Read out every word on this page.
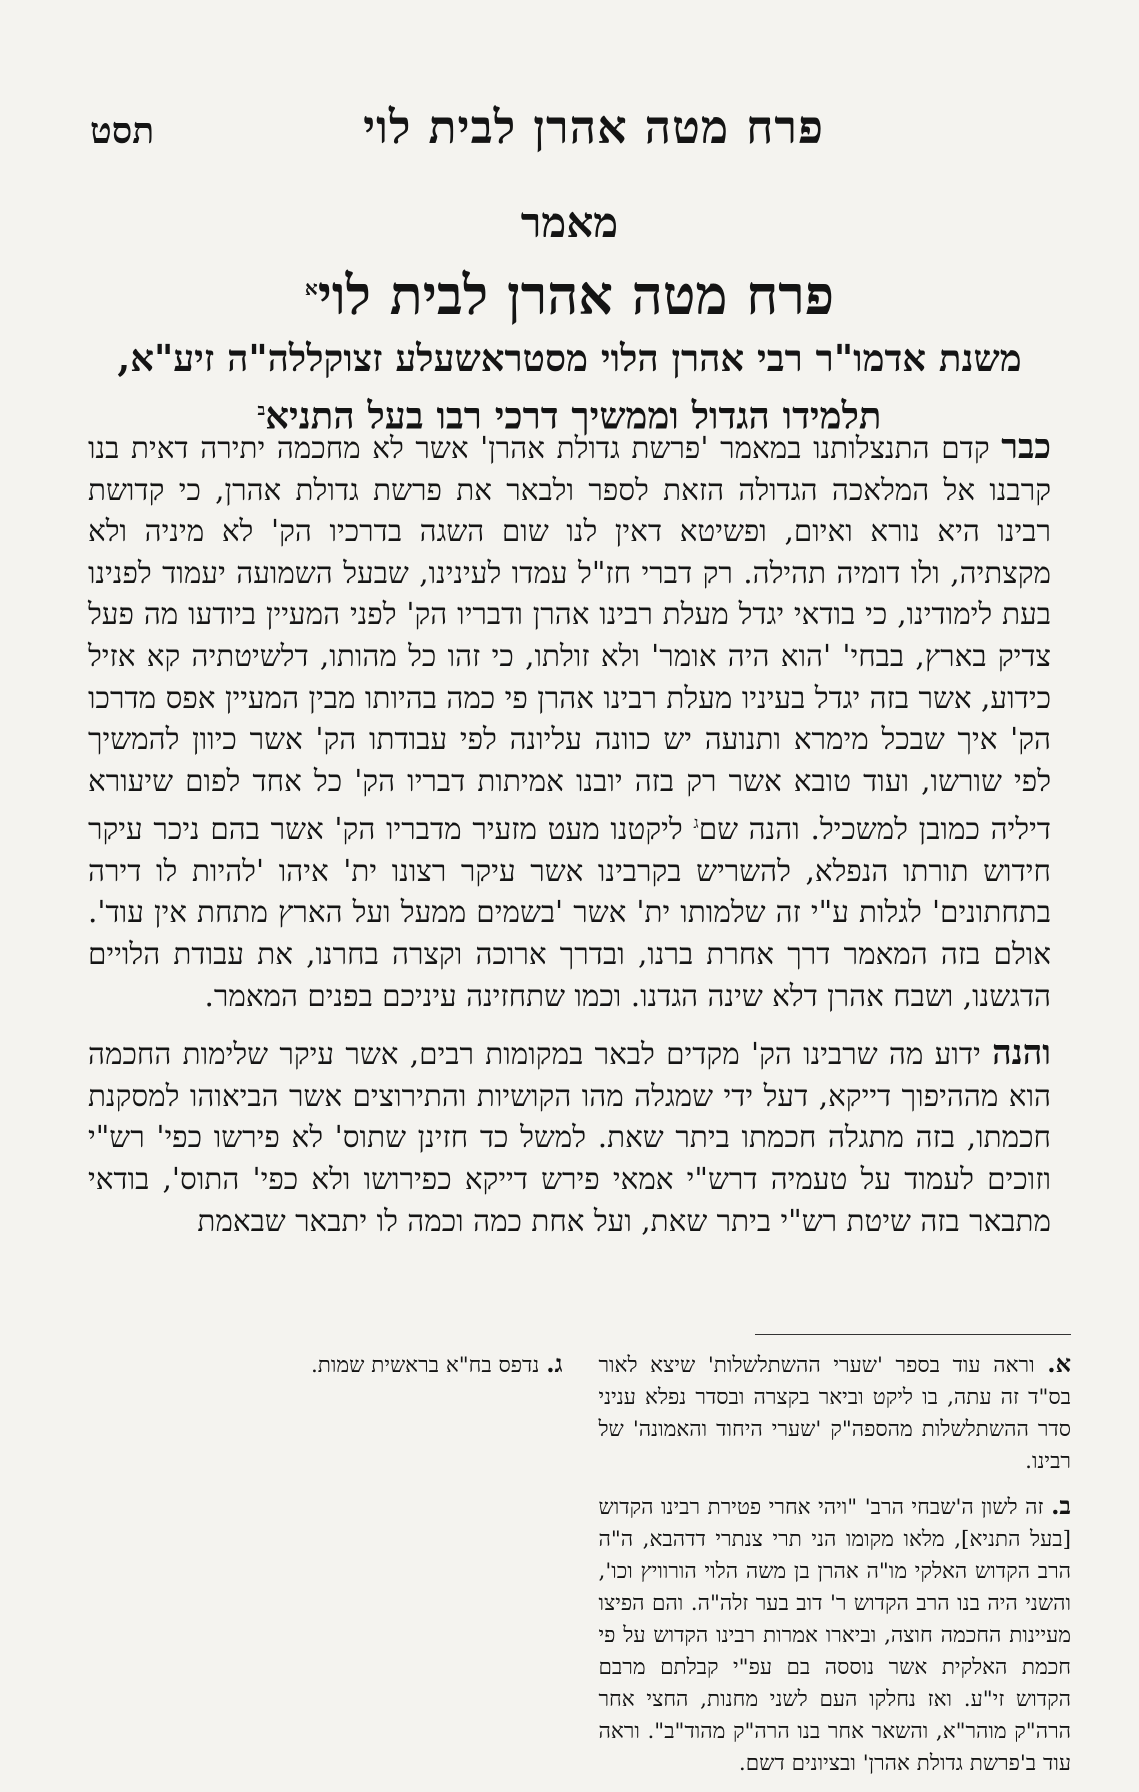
פרח מטה אהרן לבית לוי
תסט
מאמר
פרח מטה אהרן לבית לוי$^א$
משנת אדמו"ר רבי אהרן הלוי מסטראשעלע זצוקללה"ה זיע"א,
תלמידו הגדול וממשיך דרכי רבו בעל התניא$^ב$

כבר קדם התנצלותנו במאמר 'פרשת גדולת אהרן' אשר לא מחכמה יתירה דאית בנו קרבנו אל המלאכה הגדולה הזאת לספר ולבאר את פרשת גדולת אהרן, כי קדושת רבינו היא נורא ואיום, ופשיטא דאין לנו שום השגה בדרכיו הק' לא מיניה ולא מקצתיה, ולו דומיה תהילה. רק דברי חז"ל עמדו לעינינו, שבעל השמועה יעמוד לפנינו בעת לימודינו, כי בודאי יגדל מעלת רבינו אהרן ודבריו הק' לפני המעיין ביודעו מה פעל צדיק בארץ, בבחי' 'הוא היה אומר' ולא זולתו, כי זהו כל מהותו, דלשיטתיה קא אזיל כידוע, אשר בזה יגדל בעיניו מעלת רבינו אהרן פי כמה בהיותו מבין המעיין אפס מדרכו הק' איך שבכל מימרא ותנועה יש כוונה עליונה לפי עבודתו הק' אשר כיוון להמשיך לפי שורשו, ועוד טובא אשר רק בזה יובנו אמיתות דבריו הק' כל אחד לפום שיעורא דיליה כמובן למשכיל. והנה שם$^ג$ ליקטנו מעט מזעיר מדבריו הק' אשר בהם ניכר עיקר חידוש תורתו הנפלא, להשריש בקרבינו אשר עיקר רצונו ית' איהו 'להיות לו דירה בתחתונים' לגלות ע"י זה שלמותו ית' אשר 'בשמים ממעל ועל הארץ מתחת אין עוד'. אולם בזה המאמר דרך אחרת ברנו, ובדרך ארוכה וקצרה בחרנו, את עבודת הלויים הדגשנו, ושבח אהרן דלא שינה הגדנו. וכמו שתחזינה עיניכם בפנים המאמר.

והנה ידוע מה שרבינו הק' מקדים לבאר במקומות רבים, אשר עיקר שלימות החכמה הוא מההיפוך דייקא, דעל ידי שמגלה מהו הקושיות והתירוצים אשר הביאוהו למסקנת חכמתו, בזה מתגלה חכמתו ביתר שאת. למשל כד חזינן שתוס' לא פירשו כפי' רש"י וזוכים לעמוד על טעמיה דרש"י אמאי פירש דייקא כפירושו ולא כפי' התוס', בודאי מתבאר בזה שיטת רש"י ביתר שאת, ועל אחת כמה וכמה לו יתבאר שבאמת

א. וראה עוד בספר 'שערי ההשתלשלות' שיצא לאור בס"ד זה עתה, בו ליקט וביאר בקצרה ובסדר נפלא עניני סדר ההשתלשלות מהספה"ק 'שערי היחוד והאמונה' של רבינו.

ב. זה לשון ה'שבחי הרב' "ויהי אחרי פטירת רבינו הקדוש [בעל התניא], מלאו מקומו הני תרי צנתרי דדהבא, ה"ה הרב הקדוש האלקי מו"ה אהרן בן משה הלוי הורוויץ וכו', והשני היה בנו הרב הקדוש ר' דוב בער זלה"ה. והם הפיצו מעיינות החכמה חוצה, וביארו אמרות רבינו הקדוש על פי חכמת האלקית אשר נוססה בם עפ"י קבלתם מרבם הקדוש זי"ע. ואז נחלקו העם לשני מחנות, החצי אחר הרה"ק מוהר"א, והשאר אחר בנו הרה"ק מהוד"ב". וראה עוד ב'פרשת גדולת אהרן' ובציונים דשם.

ג. נדפס בח"א בראשית שמות.
